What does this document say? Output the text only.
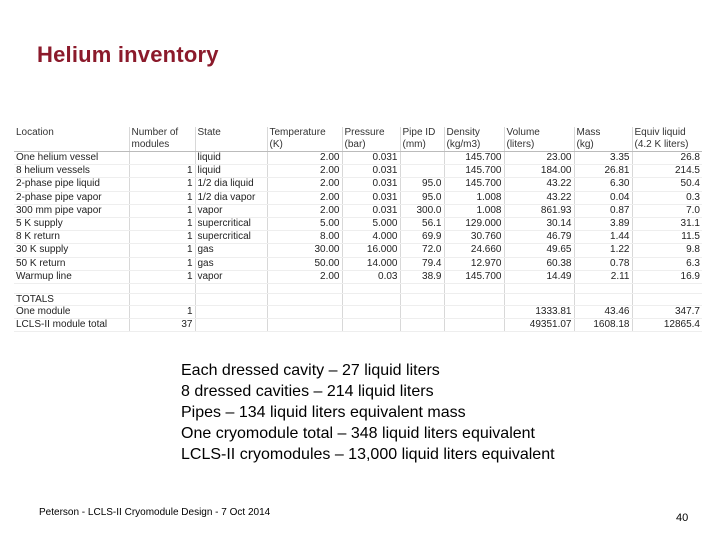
Helium inventory
Location	Number of	State	Temperature	Pressure	Pipe ID	Density	Volume	Mass	Equiv liquid
	modules		(K)	(bar)	(mm)	(kg/m3)	(liters)	(kg)	(4.2 K liters)
One helium vessel		liquid	2.00	0.031		145.700	23.00	3.35	26.8
8 helium vessels	1	liquid	2.00	0.031		145.700	184.00	26.81	214.5
2-phase pipe liquid	1	1/2 dia liquid	2.00	0.031	95.0	145.700	43.22	6.30	50.4
2-phase pipe vapor	1	1/2 dia vapor	2.00	0.031	95.0	1.008	43.22	0.04	0.3
300 mm pipe vapor	1	vapor	2.00	0.031	300.0	1.008	861.93	0.87	7.0
5 K supply	1	supercritical	5.00	5.000	56.1	129.000	30.14	3.89	31.1
8 K return	1	supercritical	8.00	4.000	69.9	30.760	46.79	1.44	11.5
30 K supply	1	gas	30.00	16.000	72.0	24.660	49.65	1.22	9.8
50 K return	1	gas	50.00	14.000	79.4	12.970	60.38	0.78	6.3
Warmup line	1	vapor	2.00	0.03	38.9	145.700	14.49	2.11	16.9

TOTALS									
One module	1						1333.81	43.46	347.7
LCLS-II module total	37						49351.07	1608.18	12865.4
Each dressed cavity – 27 liquid liters
8 dressed cavities – 214 liquid liters
Pipes – 134 liquid liters equivalent mass
One cryomodule total – 348 liquid liters equivalent
LCLS-II cryomodules – 13,000 liquid liters equivalent
Peterson - LCLS-II Cryomodule Design - 7 Oct 2014	40
